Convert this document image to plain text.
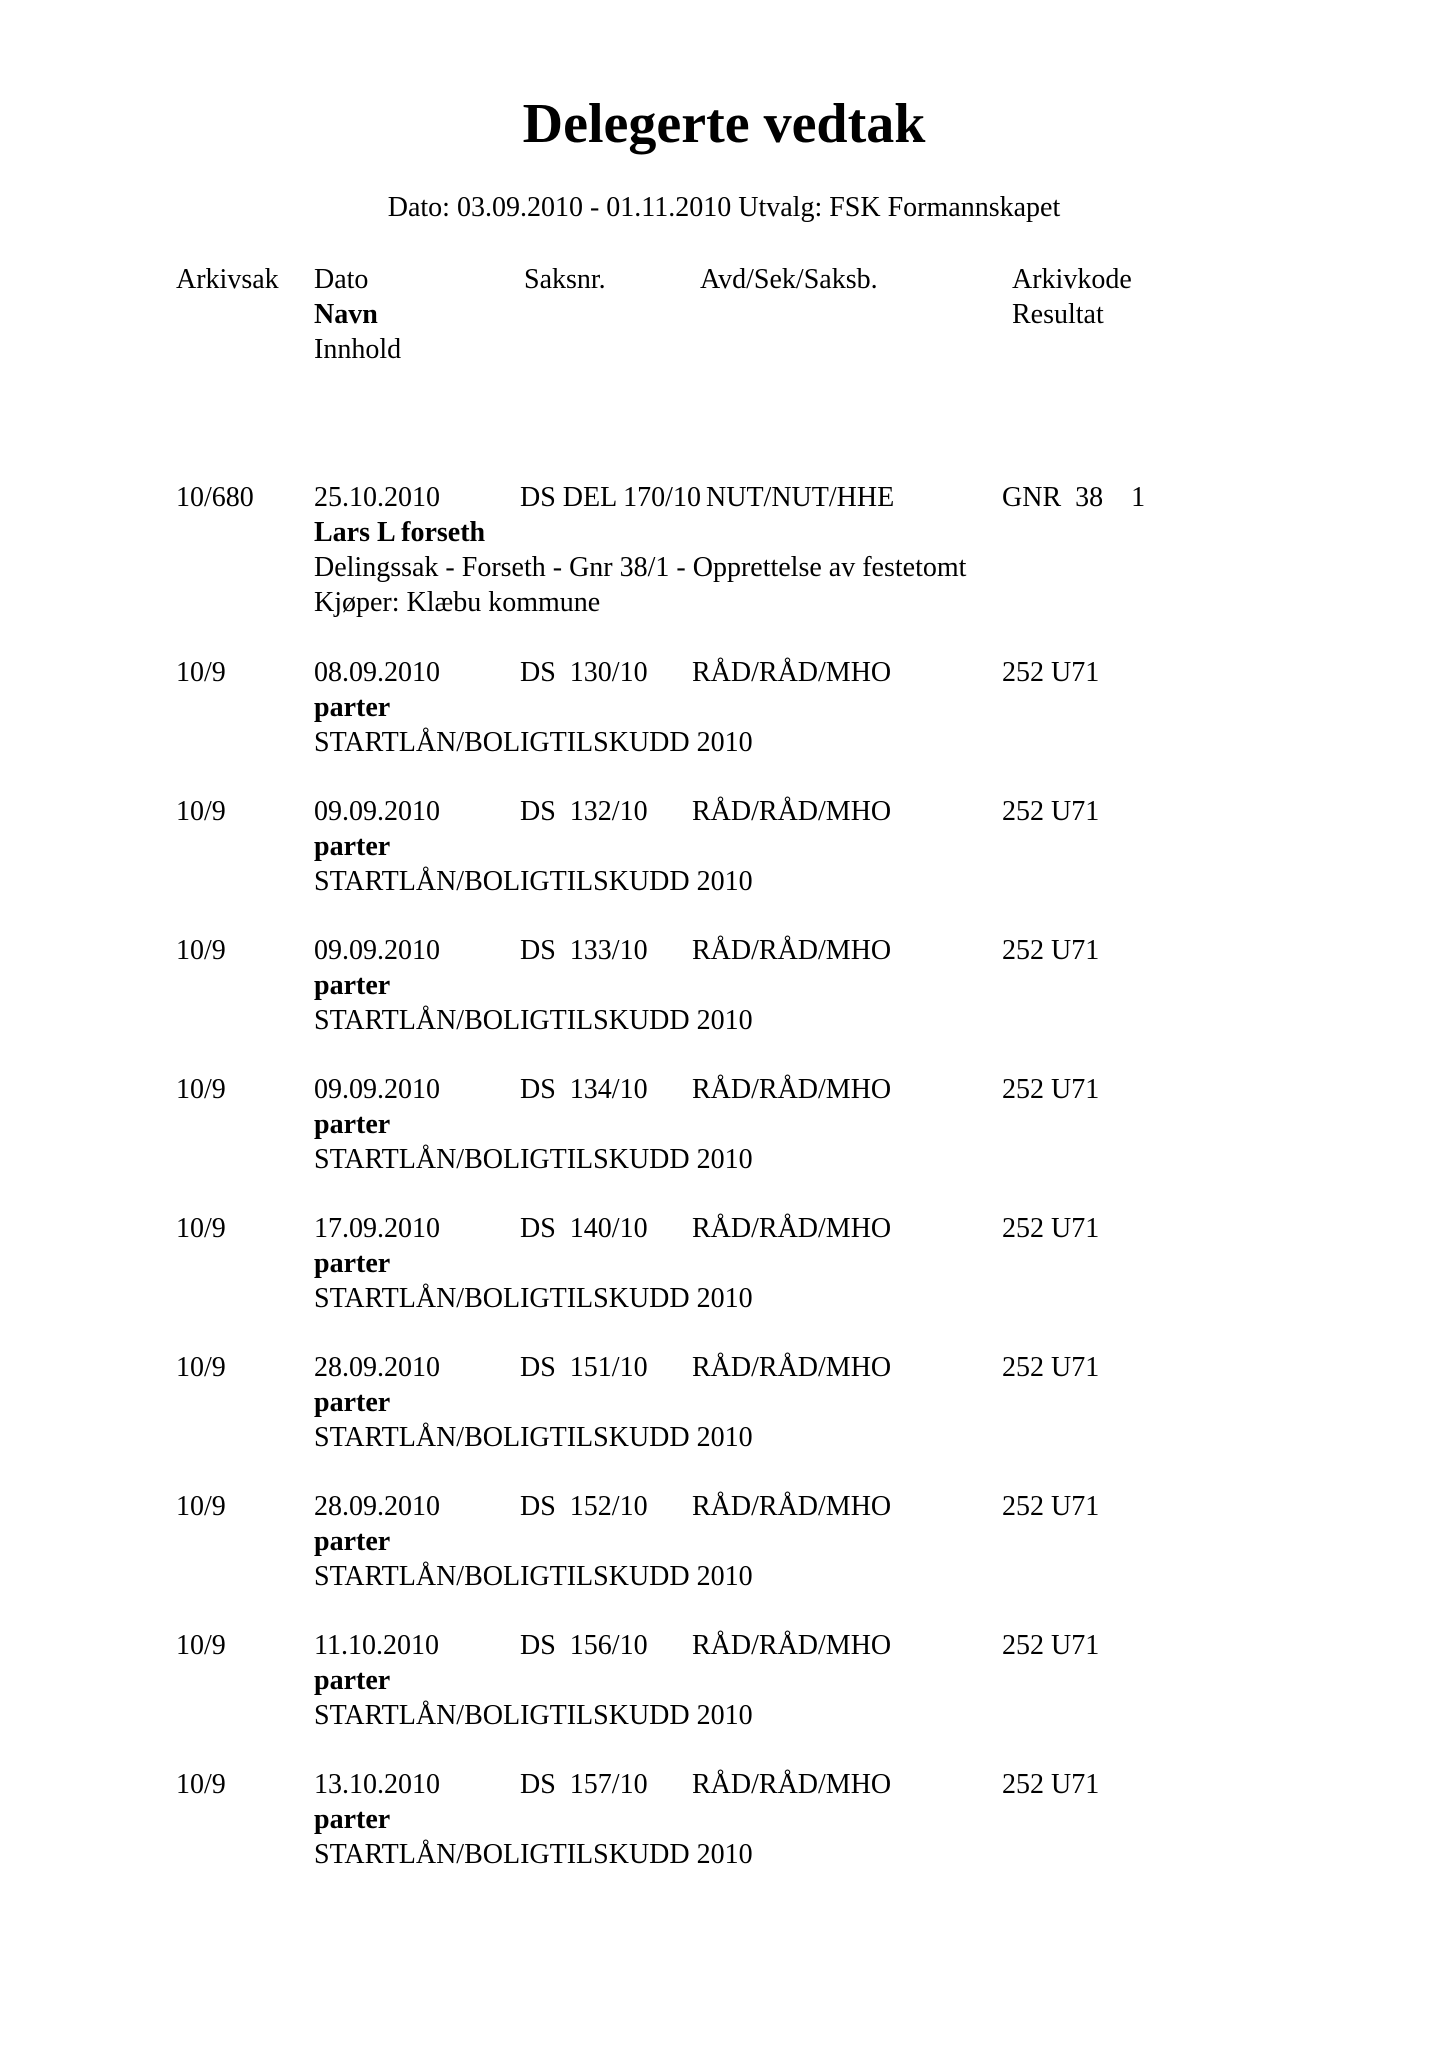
Delegerte vedtak
Dato: 03.09.2010 - 01.11.2010 Utvalg: FSK Formannskapet
Arkivsak Dato	Saksnr.	Avd/Sek/Saksb.	Arkivkode
Navn	Resultat
Innhold
10/680 25.10.2010	DS DEL 170/10 NUT/NUT/HHE	GNR  38    1
Lars L forseth
Delingssak - Forseth - Gnr 38/1 - Opprettelse av festetomt
Kjøper: Klæbu kommune
10/9	08.09.2010	DS  130/10 RÅD/RÅD/MHO	252 U71
parter
STARTLÅN/BOLIGTILSKUDD 2010
10/9	09.09.2010	DS  132/10 RÅD/RÅD/MHO	252 U71
parter
STARTLÅN/BOLIGTILSKUDD 2010
10/9	09.09.2010	DS  133/10 RÅD/RÅD/MHO	252 U71
parter
STARTLÅN/BOLIGTILSKUDD 2010
10/9	09.09.2010	DS  134/10 RÅD/RÅD/MHO	252 U71
parter
STARTLÅN/BOLIGTILSKUDD 2010
10/9	17.09.2010	DS  140/10 RÅD/RÅD/MHO	252 U71
parter
STARTLÅN/BOLIGTILSKUDD 2010
10/9	28.09.2010	DS  151/10 RÅD/RÅD/MHO	252 U71
parter
STARTLÅN/BOLIGTILSKUDD 2010
10/9	28.09.2010	DS  152/10 RÅD/RÅD/MHO	252 U71
parter
STARTLÅN/BOLIGTILSKUDD 2010
10/9	11.10.2010	DS  156/10 RÅD/RÅD/MHO	252 U71
parter
STARTLÅN/BOLIGTILSKUDD 2010
10/9	13.10.2010	DS  157/10 RÅD/RÅD/MHO	252 U71
parter
STARTLÅN/BOLIGTILSKUDD 2010
